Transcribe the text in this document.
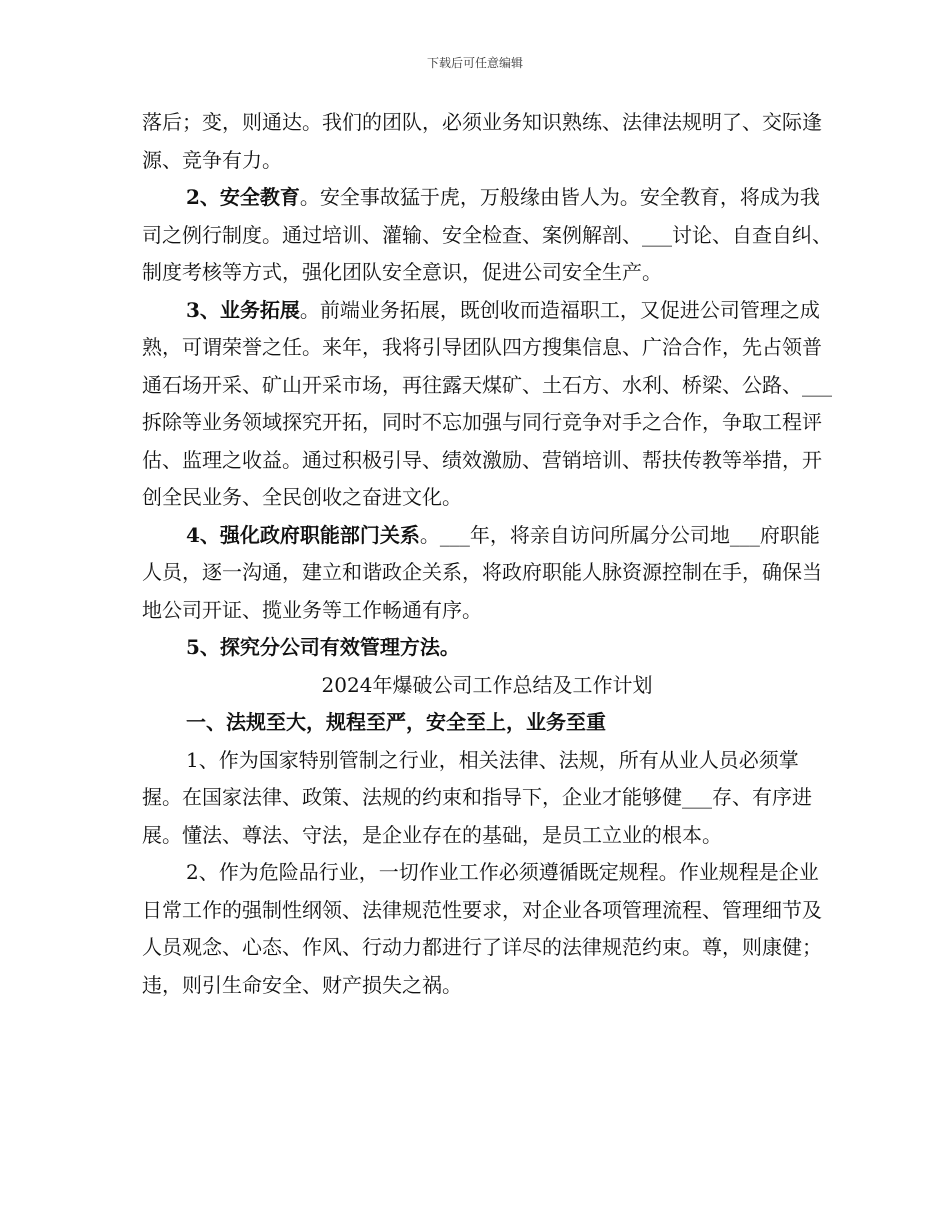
下载后可任意编辑

落后；变，则通达。我们的团队，必须业务知识熟练、法律法规明了、交际逢源、竞争有力。

2、安全教育。安全事故猛于虎，万般缘由皆人为。安全教育，将成为我司之例行制度。通过培训、灌输、安全检查、案例解剖、___讨论、自查自纠、制度考核等方式，强化团队安全意识，促进公司安全生产。

3、业务拓展。前端业务拓展，既创收而造福职工，又促进公司管理之成熟，可谓荣誉之任。来年，我将引导团队四方搜集信息、广洽合作，先占领普通石场开采、矿山开采市场，再往露天煤矿、土石方、水利、桥梁、公路、___拆除等业务领域探究开拓，同时不忘加强与同行竞争对手之合作，争取工程评估、监理之收益。通过积极引导、绩效激励、营销培训、帮扶传教等举措，开创全民业务、全民创收之奋进文化。

4、强化政府职能部门关系。___年，将亲自访问所属分公司地___府职能人员，逐一沟通，建立和谐政企关系，将政府职能人脉资源控制在手，确保当地公司开证、揽业务等工作畅通有序。

5、探究分公司有效管理方法。

2024年爆破公司工作总结及工作计划

一、法规至大，规程至严，安全至上，业务至重

1、作为国家特别管制之行业，相关法律、法规，所有从业人员必须掌握。在国家法律、政策、法规的约束和指导下，企业才能够健___存、有序进展。懂法、尊法、守法，是企业存在的基础，是员工立业的根本。

2、作为危险品行业，一切作业工作必须遵循既定规程。作业规程是企业日常工作的强制性纲领、法律规范性要求，对企业各项管理流程、管理细节及人员观念、心态、作风、行动力都进行了详尽的法律规范约束。尊，则康健；违，则引生命安全、财产损失之祸。
